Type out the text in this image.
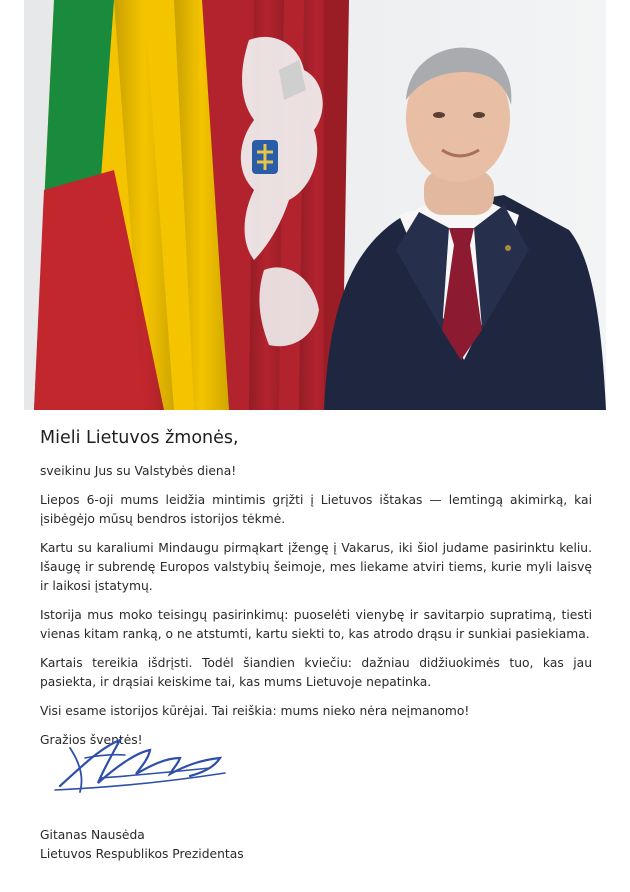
Mieli Lietuvos žmonės,

sveikinu Jus su Valstybės diena!

Liepos 6-oji mums leidžia mintimis grįžti į Lietuvos ištakas — lemtingą akimirką, kai įsibėgėjo mūsų bendros istorijos tėkmė.

Kartu su karaliumi Mindaugu pirmąkart įžengę į Vakarus, iki šiol judame pasirinktu keliu. Išaugę ir subrendę Europos valstybių šeimoje, mes liekame atviri tiems, kurie myli laisvę ir laikosi įstatymų.

Istorija mus moko teisingų pasirinkimų: puoselėti vienybę ir savitarpio supratimą, tiesti vienas kitam ranką, o ne atstumti, kartu siekti to, kas atrodo drąsu ir sunkiai pasiekiama.

Kartais tereikia išdrįsti. Todėl šiandien kviečiu: dažniau didžiuokimės tuo, kas jau pasiekta, ir drąsiai keiskime tai, kas mums Lietuvoje nepatinka.

Visi esame istorijos kūrėjai. Tai reiškia: mums nieko nėra neįmanomo!

Gražios šventės!

Gitanas Nausėda
Lietuvos Respublikos Prezidentas
